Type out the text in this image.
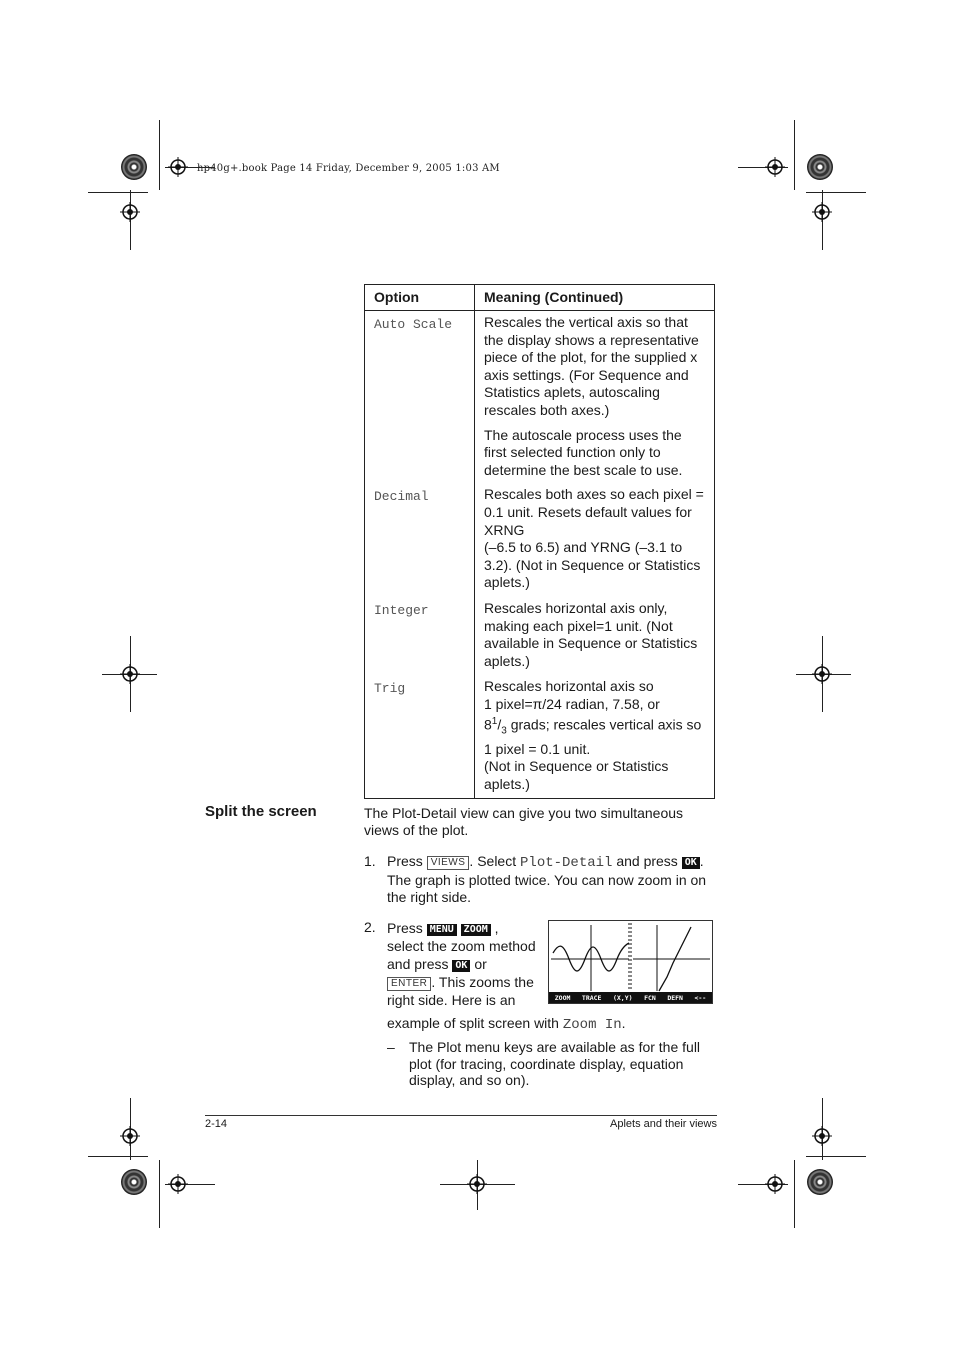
hp40g+.book Page 14 Friday, December 9, 2005 1:03 AM
Option	Meaning (Continued)
Auto Scale	Rescales the vertical axis so that the display shows a representative piece of the plot, for the supplied x axis settings. (For Sequence and Statistics aplets, autoscaling rescales both axes.)

The autoscale process uses the first selected function only to determine the best scale to use.

Decimal	Rescales both axes so each pixel = 0.1 unit. Resets default values for XRNG

(–6.5 to 6.5) and YRNG (–3.1 to 3.2). (Not in Sequence or Statistics aplets.)

Integer	Rescales horizontal axis only, making each pixel=1 unit. (Not available in Sequence or Statistics aplets.)

Trig	Rescales horizontal axis so

1 pixel=π/24 radian, 7.58, or

$8^1/_3$ grads; rescales vertical axis so

1 pixel = 0.1 unit.

(Not in Sequence or Statistics aplets.)

Split the screen	The Plot-Detail view can give you two simultaneous views of the plot.
1. Press VIEWS . Select Plot-Detail and press OK .
The graph is plotted twice. You can now zoom in on the right side.
2. Press MENU ZOOM ,
select the zoom method
and press OK or
ENTER . This zooms the
right side. Here is an
example of split screen with Zoom In.
ZOOM TRACE (X,Y) FCN DEFN <--
– The Plot menu keys are available as for the full plot (for tracing, coordinate display, equation display, and so on).
2-14	Aplets and their views
